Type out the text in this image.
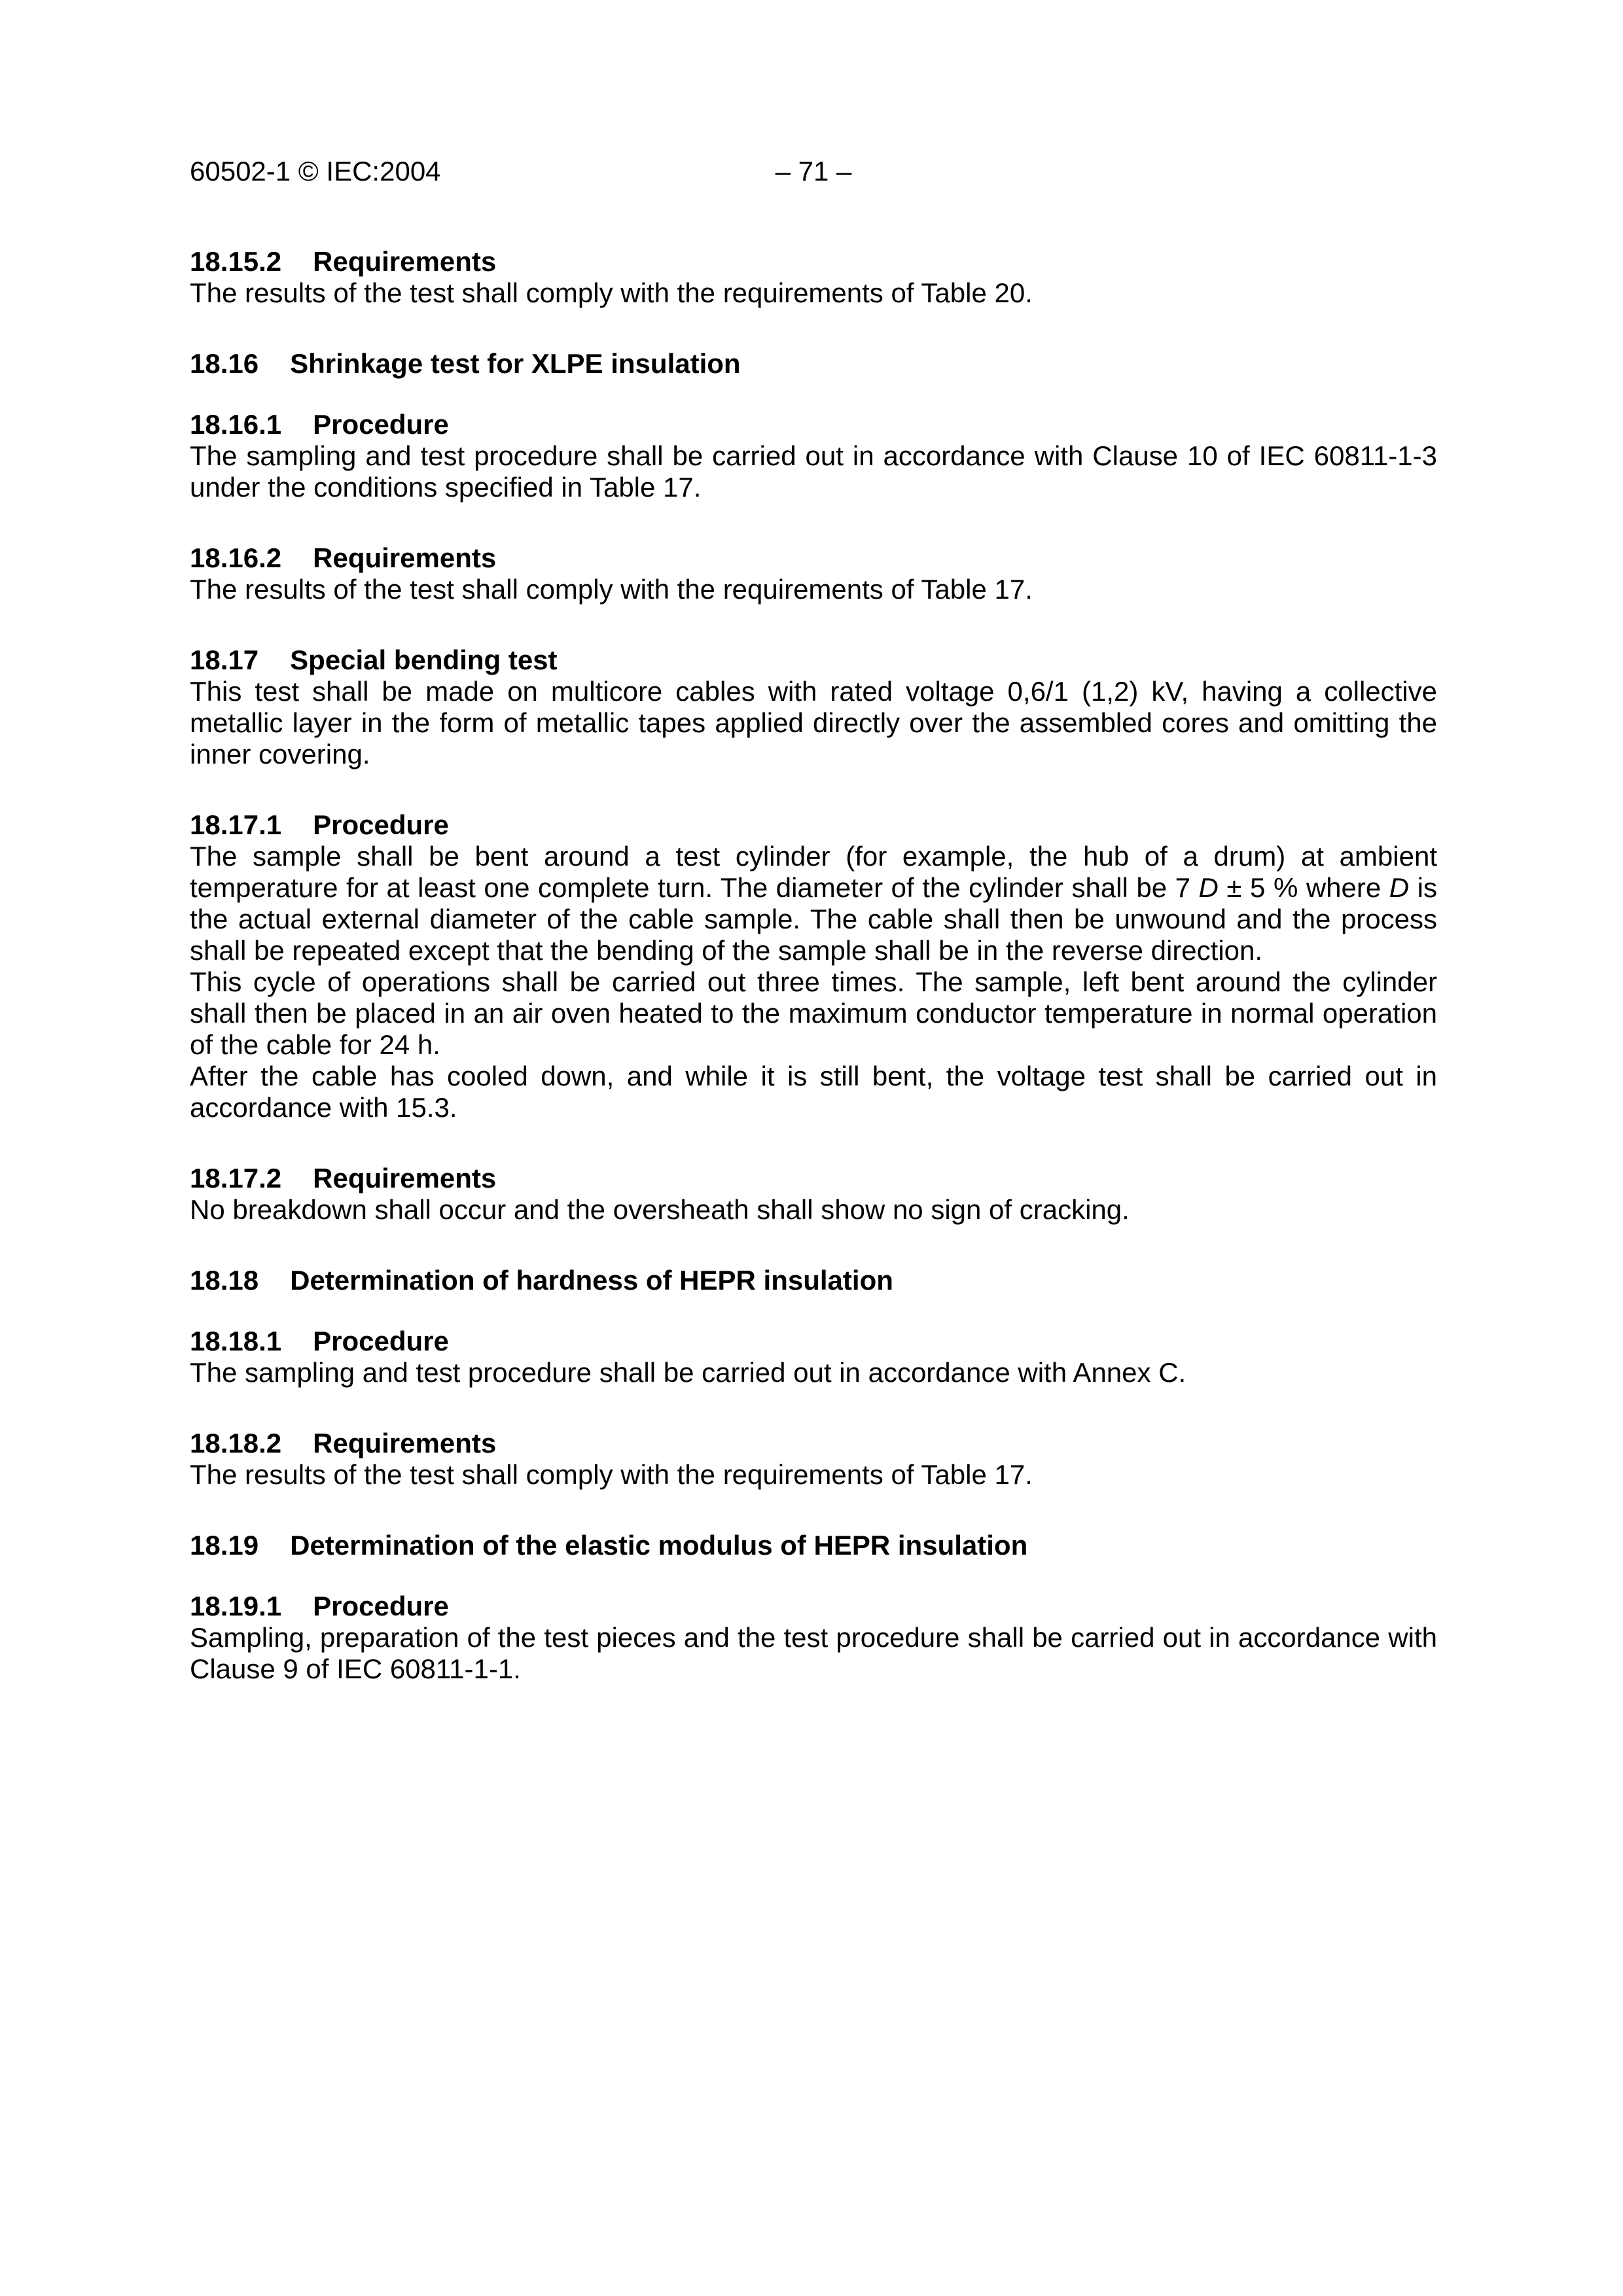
60502-1 © IEC:2004	– 71 –
18.15.2 Requirements

The results of the test shall comply with the requirements of Table 20.

18.16 Shrinkage test for XLPE insulation
18.16.1 Procedure

The sampling and test procedure shall be carried out in accordance with Clause 10 of IEC 60811-1-3 under the conditions specified in Table 17.

18.16.2 Requirements

The results of the test shall comply with the requirements of Table 17.

18.17 Special bending test

This test shall be made on multicore cables with rated voltage 0,6/1 (1,2) kV, having a collective metallic layer in the form of metallic tapes applied directly over the assembled cores and omitting the inner covering.

18.17.1 Procedure

The sample shall be bent around a test cylinder (for example, the hub of a drum) at ambient temperature for at least one complete turn. The diameter of the cylinder shall be 7 D ± 5 % where D is the actual external diameter of the cable sample. The cable shall then be unwound and the process shall be repeated except that the bending of the sample shall be in the reverse direction.

This cycle of operations shall be carried out three times. The sample, left bent around the cylinder shall then be placed in an air oven heated to the maximum conductor temperature in normal operation of the cable for 24 h.

After the cable has cooled down, and while it is still bent, the voltage test shall be carried out in accordance with 15.3.

18.17.2 Requirements

No breakdown shall occur and the oversheath shall show no sign of cracking.

18.18 Determination of hardness of HEPR insulation
18.18.1 Procedure

The sampling and test procedure shall be carried out in accordance with Annex C.

18.18.2 Requirements

The results of the test shall comply with the requirements of Table 17.

18.19 Determination of the elastic modulus of HEPR insulation
18.19.1 Procedure

Sampling, preparation of the test pieces and the test procedure shall be carried out in accordance with Clause 9 of IEC 60811-1-1.
